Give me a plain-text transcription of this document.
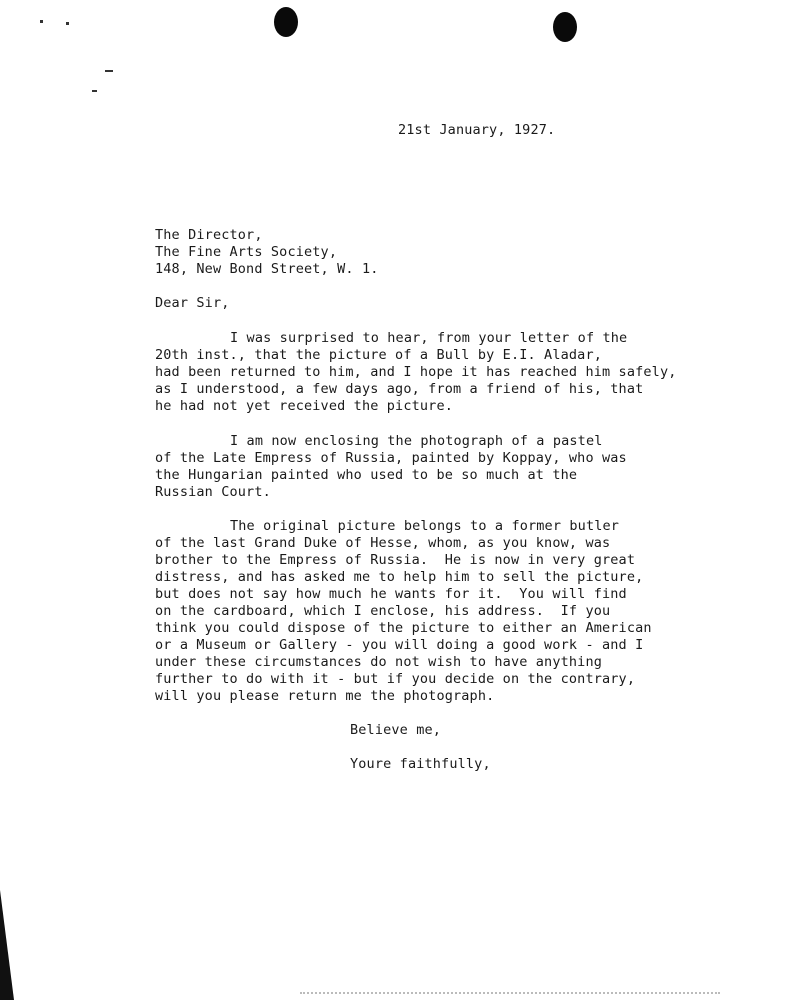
21st January, 1927.
The Director,
The Fine Arts Society,
148, New Bond Street, W. 1.
Dear Sir,
I was surprised to hear, from your letter of the
20th inst., that the picture of a Bull by E.I. Aladar,
had been returned to him, and I hope it has reached him safely,
as I understood, a few days ago, from a friend of his, that
he had not yet received the picture.
I am now enclosing the photograph of a pastel
of the Late Empress of Russia, painted by Koppay, who was
the Hungarian painted who used to be so much at the
Russian Court.
The original picture belongs to a former butler
of the last Grand Duke of Hesse, whom, as you know, was
brother to the Empress of Russia.  He is now in very great
distress, and has asked me to help him to sell the picture,
but does not say how much he wants for it.  You will find
on the cardboard, which I enclose, his address.  If you
think you could dispose of the picture to either an American
or a Museum or Gallery - you will doing a good work - and I
under these circumstances do not wish to have anything
further to do with it - but if you decide on the contrary,
will you please return me the photograph.
Believe me,
Youre faithfully,
